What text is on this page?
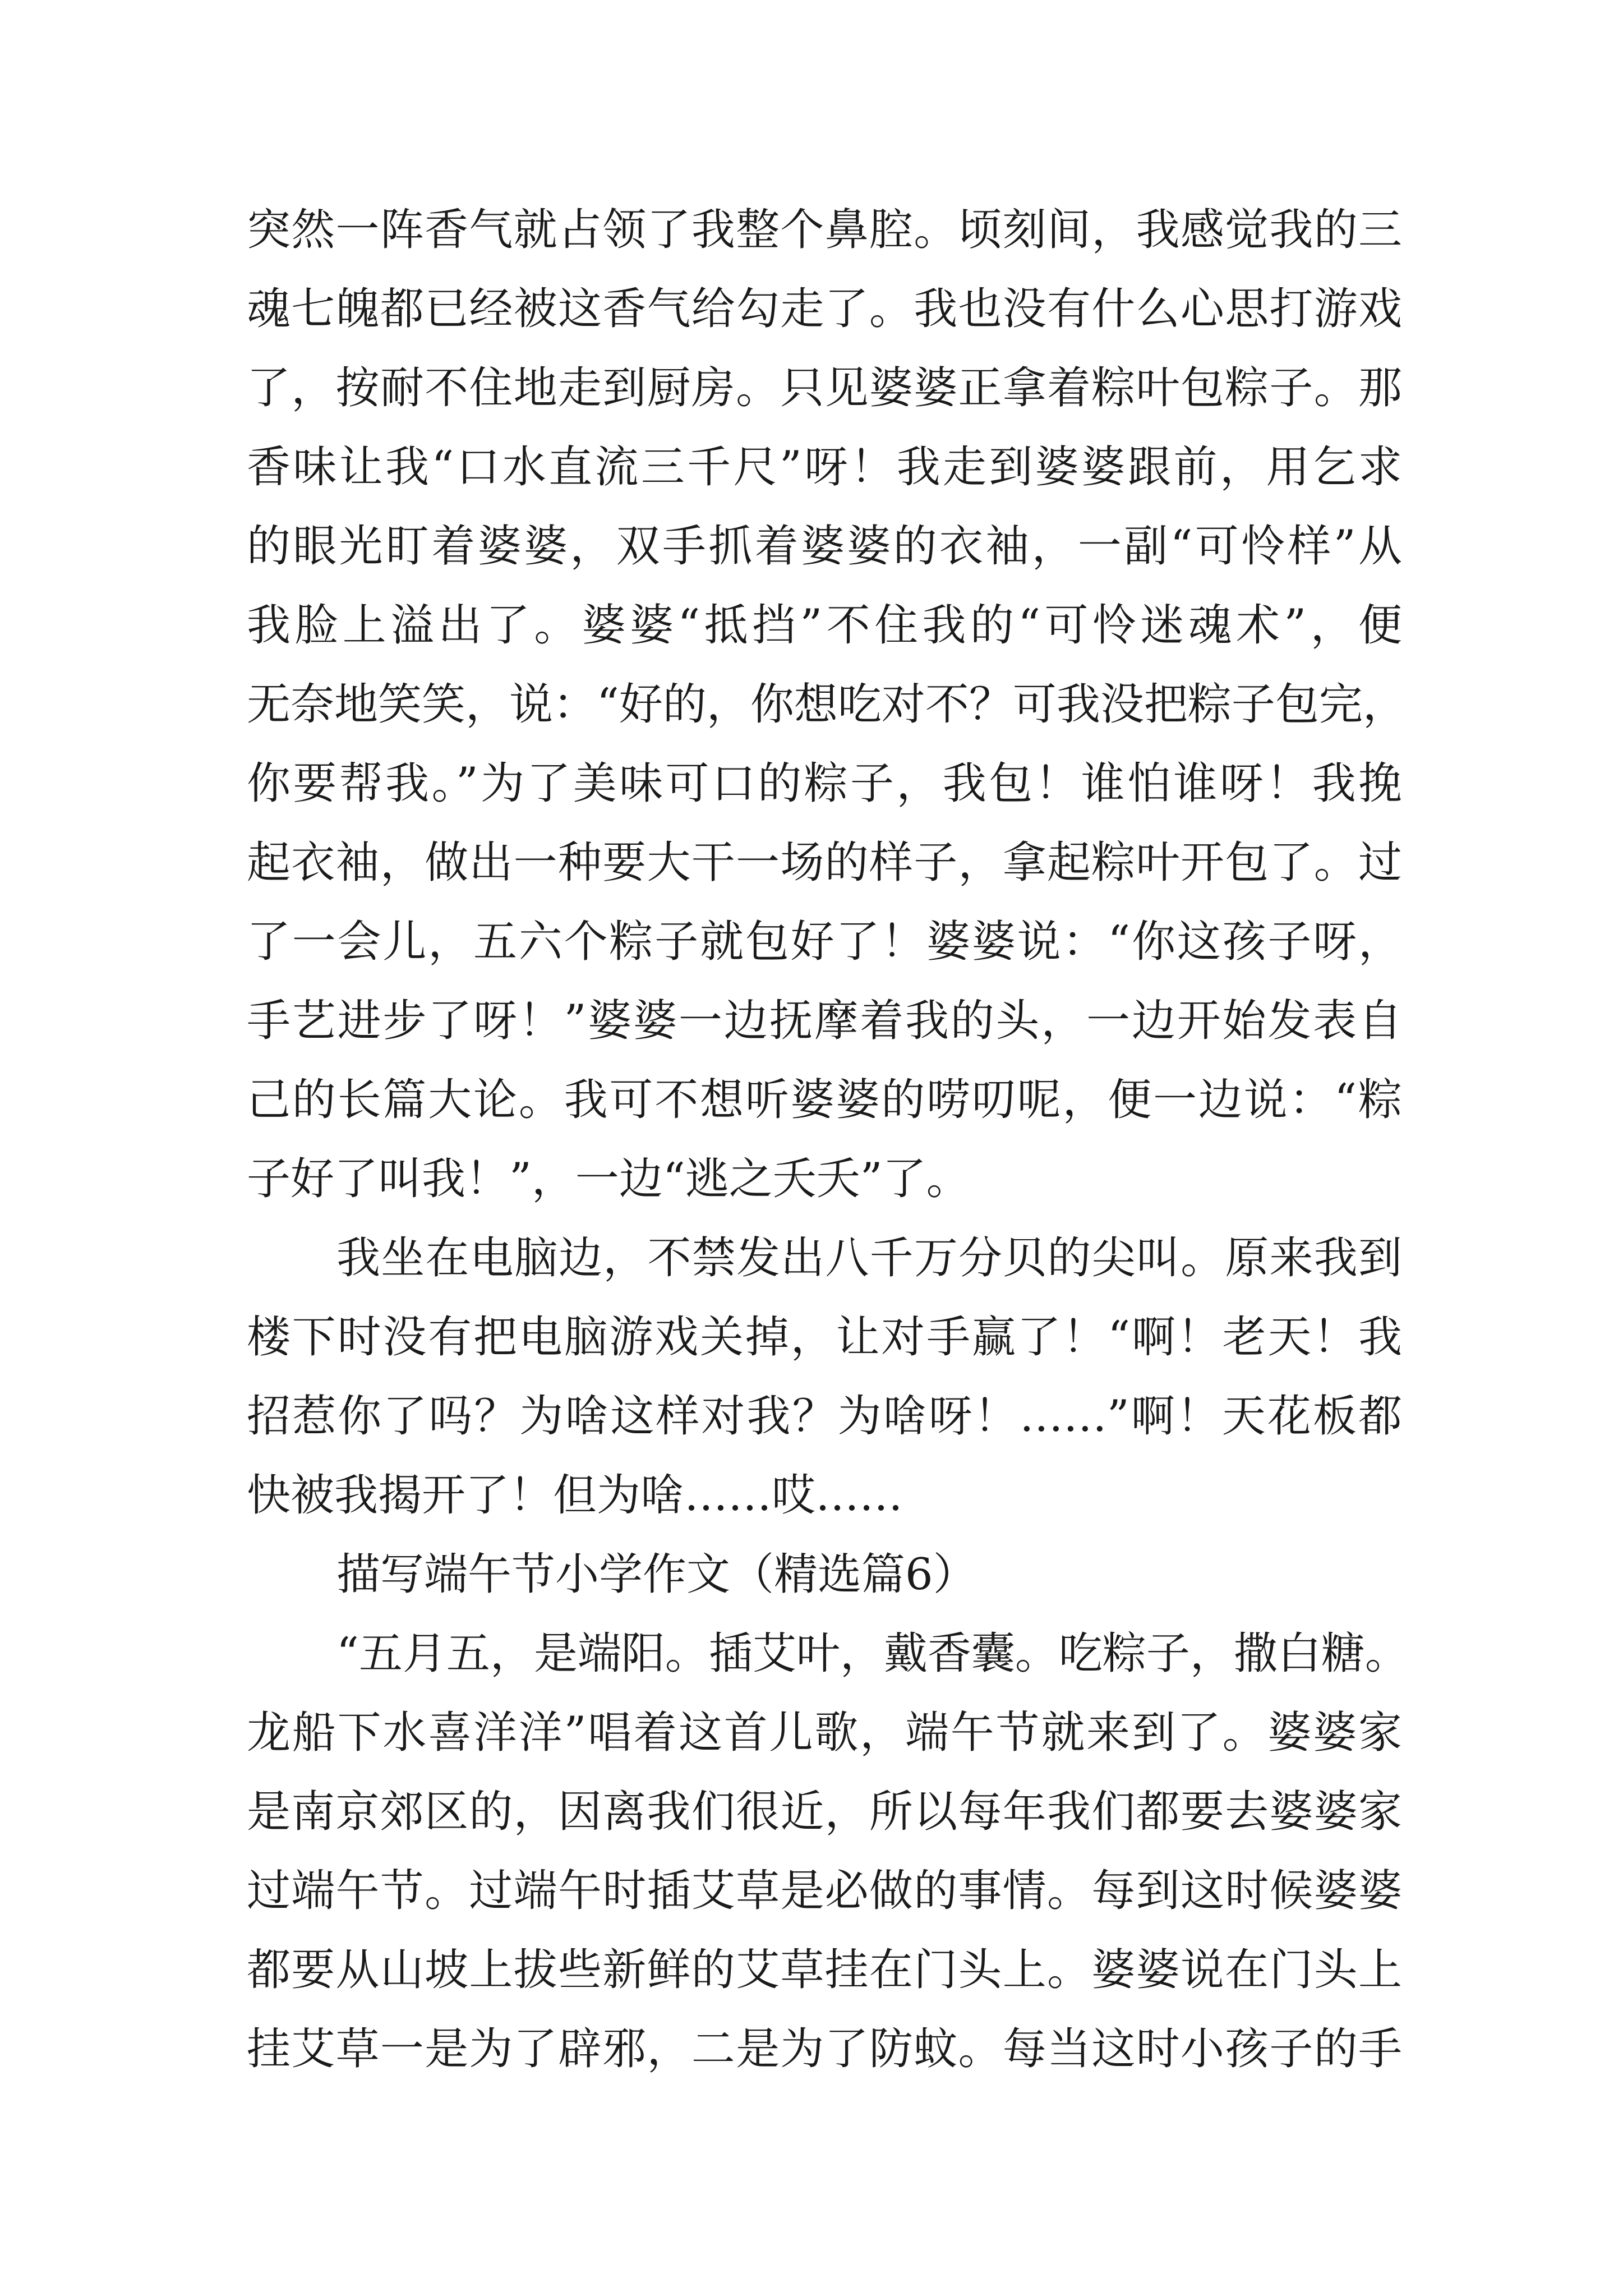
突然一阵香气就占领了我整个鼻腔。顷刻间，我感觉我的三
魂七魄都已经被这香气给勾走了。我也没有什么心思打游戏
了，按耐不住地走到厨房。只见婆婆正拿着粽叶包粽子。那
香味让我“口水直流三千尺”呀！我走到婆婆跟前，用乞求
的眼光盯着婆婆，双手抓着婆婆的衣袖，一副“可怜样”从
我脸上溢出了。婆婆“抵挡”不住我的“可怜迷魂术”，便
无奈地笑笑，说：“好的，你想吃对不？可我没把粽子包完，
你要帮我。”为了美味可口的粽子，我包！谁怕谁呀！我挽
起衣袖，做出一种要大干一场的样子，拿起粽叶开包了。过
了一会儿，五六个粽子就包好了！婆婆说：“你这孩子呀，
手艺进步了呀！”婆婆一边抚摩着我的头，一边开始发表自
己的长篇大论。我可不想听婆婆的唠叨呢，便一边说：“粽
子好了叫我！”，一边“逃之夭夭”了。
我坐在电脑边，不禁发出八千万分贝的尖叫。原来我到
楼下时没有把电脑游戏关掉，让对手赢了！“啊！老天！我
招惹你了吗？为啥这样对我？为啥呀！……”啊！天花板都
快被我揭开了！但为啥……哎……
描写端午节小学作文（精选篇6）
“五月五，是端阳。插艾叶，戴香囊。吃粽子，撒白糖。
龙船下水喜洋洋”唱着这首儿歌，端午节就来到了。婆婆家
是南京郊区的，因离我们很近，所以每年我们都要去婆婆家
过端午节。过端午时插艾草是必做的事情。每到这时候婆婆
都要从山坡上拔些新鲜的艾草挂在门头上。婆婆说在门头上
挂艾草一是为了辟邪，二是为了防蚊。每当这时小孩子的手
